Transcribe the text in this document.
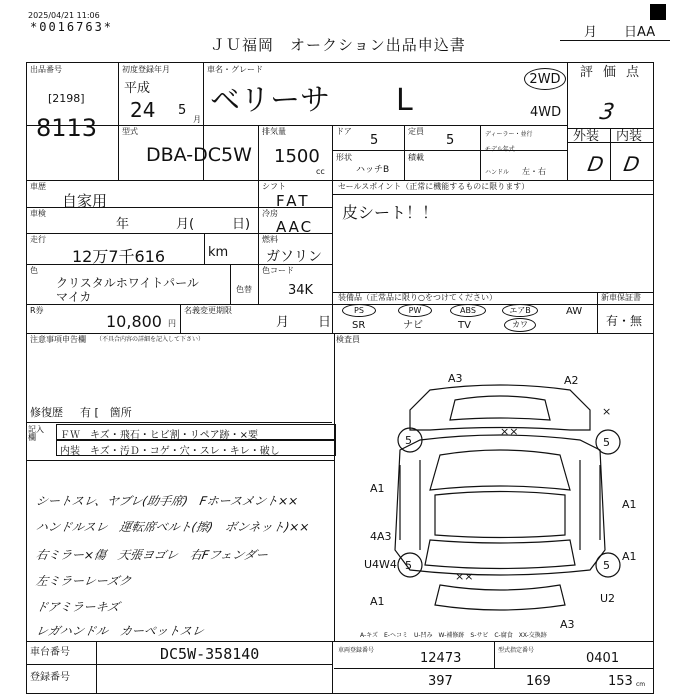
2025/04/21 11:06
*0016763*
ＪＵ福岡　オークション出品申込書
月 日AA
出品番号
[2198]
8113
初度登録年月
平成
24 5
月
車名・グレード
ベリーサ L
2WD
4WD
評価点
3
外装 内装
D D
型式
DBA-DC5W
排気量
1500
cc
ドア
5
定員
5
形状
ハッチB
積載
ディーラー・並行
モデル年式
ハンドル 左・右
車歴
自家用
シフト
FAT
車検
年	月(	日)
冷房
AAC
走行
12万7千616	km
燃料
ガソリン
色
クリスタルホワイトパール
マイカ
色コード
34K
色替
R券
10,800 円
名義変更期限
月 日
セールスポイント（正常に機能するものに限ります）
皮シート！！
装備品（正常品に限り○をつけてください）	新車保証書
有・無
PS	PW	ABS	エアB	AW
SR	ナビ	TV	カワ
注意事項申告欄 （不具合内容の詳細を記入して下さい）
修復歴 有 [　箇所
検査員
記入欄	ＦＷ　キズ・飛石・ヒビ割・リペア跡・×要
内装　キズ・汚Ｄ・コゲ・穴・スレ・キレ・破し
シートスレ、ヤブレ(助手席)　Fホースメント××
ハンドルスレ　運転席ベルト(擦)　ボンネット)××
右ミラー×傷　天張ヨゴレ　右Fフェンダー
左ミラーレーズク
ドアミラーキズ
レガハンドル　カーペットスレ
A3	A2
×
××
××
5	5
A1
A1
4A3
U4W4 5	5
A1
U2
A3
A1
A-キズ　E-ヘコミ　U-凹み　W-補修跡　S-サビ　C-腐食　XX-交換跡
車台番号	DC5W-358140
登録番号
車両登録番号
12473
型式指定番号
0401
397	169	153 cm
